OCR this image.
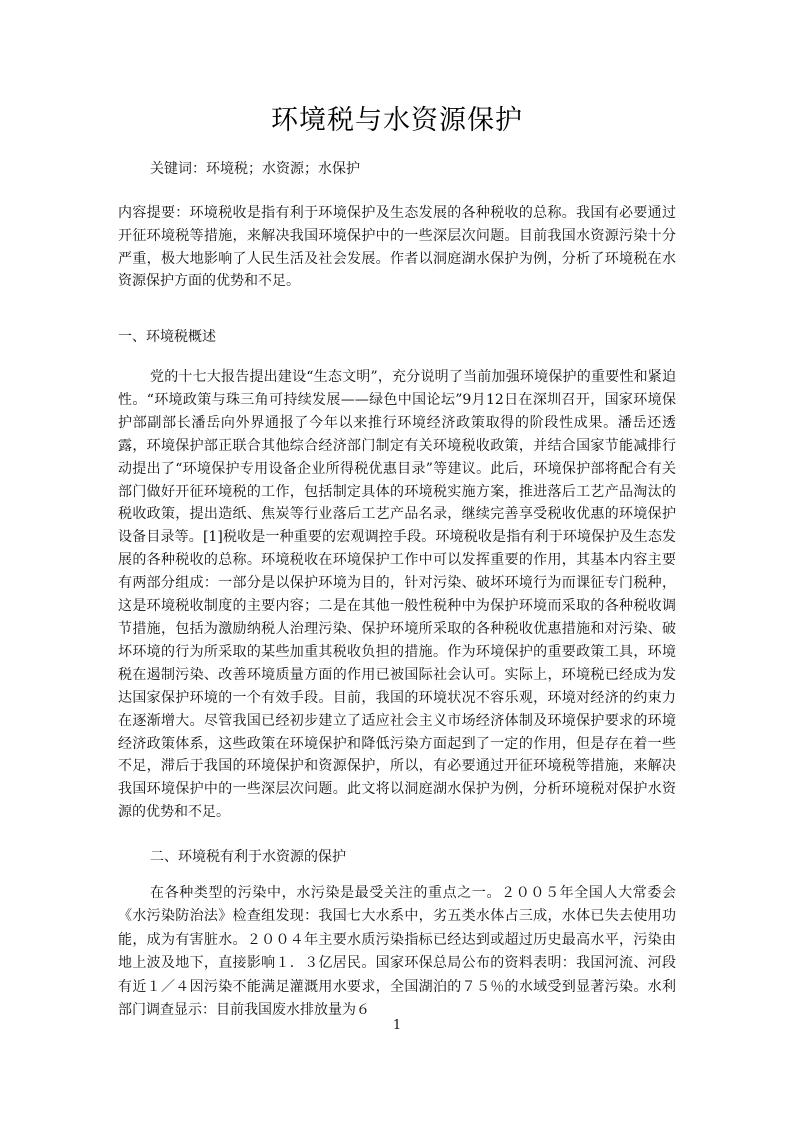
环境税与水资源保护

关键词：环境税；水资源；水保护

内容提要：环境税收是指有利于环境保护及生态发展的各种税收的总称。我国有必要通过开征环境税等措施，来解决我国环境保护中的一些深层次问题。目前我国水资源污染十分严重，极大地影响了人民生活及社会发展。作者以洞庭湖水保护为例，分析了环境税在水资源保护方面的优势和不足。

一、环境税概述

党的十七大报告提出建设“生态文明”，充分说明了当前加强环境保护的重要性和紧迫性。“环境政策与珠三角可持续发展——绿色中国论坛”9月12日在深圳召开，国家环境保护部副部长潘岳向外界通报了今年以来推行环境经济政策取得的阶段性成果。潘岳还透露，环境保护部正联合其他综合经济部门制定有关环境税收政策，并结合国家节能减排行动提出了“环境保护专用设备企业所得税优惠目录”等建议。此后，环境保护部将配合有关部门做好开征环境税的工作，包括制定具体的环境税实施方案，推进落后工艺产品淘汰的税收政策，提出造纸、焦炭等行业落后工艺产品名录，继续完善享受税收优惠的环境保护设备目录等。[1]税收是一种重要的宏观调控手段。环境税收是指有利于环境保护及生态发展的各种税收的总称。环境税收在环境保护工作中可以发挥重要的作用，其基本内容主要有两部分组成：一部分是以保护环境为目的，针对污染、破坏环境行为而课征专门税种，这是环境税收制度的主要内容；二是在其他一般性税种中为保护环境而采取的各种税收调节措施，包括为激励纳税人治理污染、保护环境所采取的各种税收优惠措施和对污染、破坏环境的行为所采取的某些加重其税收负担的措施。作为环境保护的重要政策工具，环境税在遏制污染、改善环境质量方面的作用已被国际社会认可。实际上，环境税已经成为发达国家保护环境的一个有效手段。目前，我国的环境状况不容乐观，环境对经济的约束力在逐渐增大。尽管我国已经初步建立了适应社会主义市场经济体制及环境保护要求的环境经济政策体系，这些政策在环境保护和降低污染方面起到了一定的作用，但是存在着一些不足，滞后于我国的环境保护和资源保护，所以，有必要通过开征环境税等措施，来解决我国环境保护中的一些深层次问题。此文将以洞庭湖水保护为例，分析环境税对保护水资源的优势和不足。

二、环境税有利于水资源的保护

在各种类型的污染中，水污染是最受关注的重点之一。２００５年全国人大常委会《水污染防治法》检查组发现：我国七大水系中，劣五类水体占三成，水体已失去使用功能，成为有害脏水。２００４年主要水质污染指标已经达到或超过历史最高水平，污染由地上波及地下，直接影响１．３亿居民。国家环保总局公布的资料表明：我国河流、河段有近１／４因污染不能满足灌溉用水要求，全国湖泊的７５％的水域受到显著污染。水利部门调查显示：目前我国废水排放量为６

1
